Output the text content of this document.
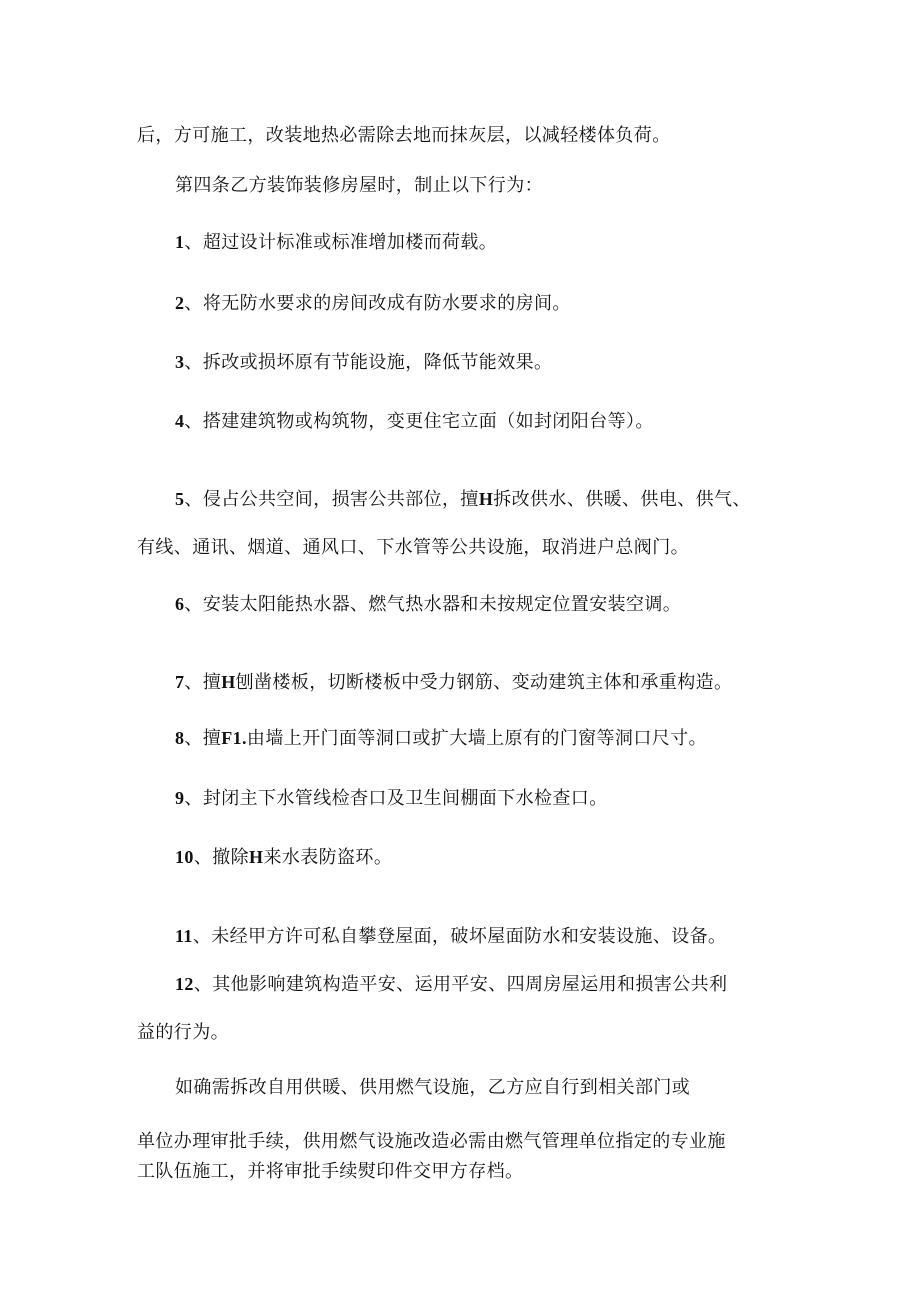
后，方可施工，改装地热必需除去地而抹灰层，以减轻楼体负荷。
第四条乙方装饰装修房屋时，制止以下行为：
1、超过设计标准或标准增加楼而荷载。
2、将无防水要求的房间改成有防水要求的房间。
3、拆改或损坏原有节能设施，降低节能效果。
4、搭建建筑物或构筑物，变更住宅立面（如封闭阳台等）。
5、侵占公共空间，损害公共部位，擅H拆改供水、供暖、供电、供气、
有线、通讯、烟道、通风口、下水管等公共设施，取消进户总阀门。
6、安装太阳能热水器、燃气热水器和未按规定位置安装空调。
7、擅H刨凿楼板，切断楼板中受力钢筋、变动建筑主体和承重构造。
8、擅F1.由墙上开门面等洞口或扩大墙上原有的门窗等洞口尺寸。
9、封闭主下水管线检杳口及卫生间棚面下水检查口。
10、撤除H来水表防盗环。
11、未经甲方许可私自攀登屋面，破坏屋面防水和安装设施、设备。
12、其他影响建筑构造平安、运用平安、四周房屋运用和损害公共利
益的行为。
如确需拆改自用供暖、供用燃气设施，乙方应自行到相关部门或
单位办理审批手续，供用燃气设施改造必需由燃气管理单位指定的专业施
工队伍施工，并将审批手续熨印件交甲方存档。
